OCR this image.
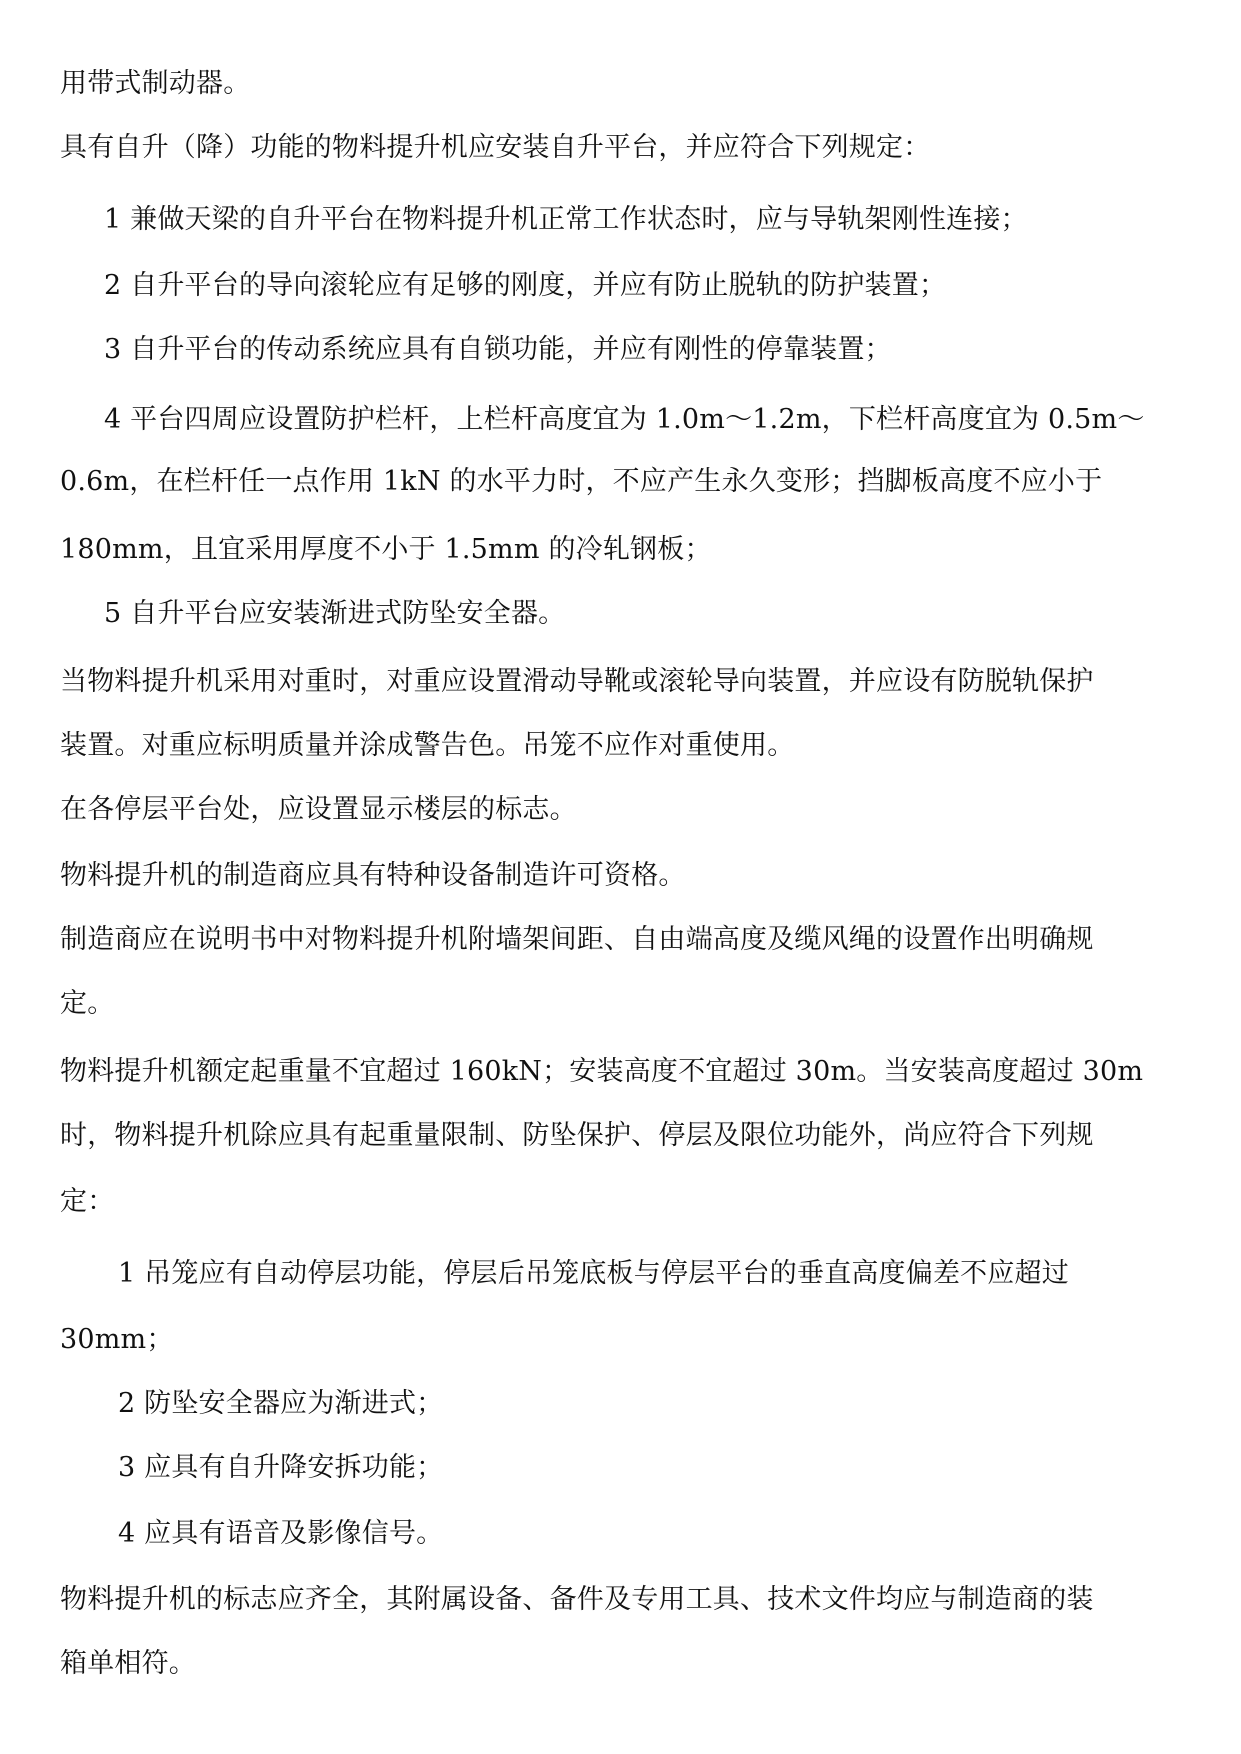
用带式制动器。
具有自升（降）功能的物料提升机应安装自升平台，并应符合下列规定：
1 兼做天梁的自升平台在物料提升机正常工作状态时，应与导轨架刚性连接；
2 自升平台的导向滚轮应有足够的刚度，并应有防止脱轨的防护装置；
3 自升平台的传动系统应具有自锁功能，并应有刚性的停靠装置；
4 平台四周应设置防护栏杆，上栏杆高度宜为 1.0m～1.2m，下栏杆高度宜为 0.5m～
0.6m，在栏杆任一点作用 1kN 的水平力时，不应产生永久变形；挡脚板高度不应小于
180mm，且宜采用厚度不小于 1.5mm 的冷轧钢板；
5 自升平台应安装渐进式防坠安全器。
当物料提升机采用对重时，对重应设置滑动导靴或滚轮导向装置，并应设有防脱轨保护
装置。对重应标明质量并涂成警告色。吊笼不应作对重使用。
在各停层平台处，应设置显示楼层的标志。
物料提升机的制造商应具有特种设备制造许可资格。
制造商应在说明书中对物料提升机附墙架间距、自由端高度及缆风绳的设置作出明确规
定。
物料提升机额定起重量不宜超过 160kN；安装高度不宜超过 30m。当安装高度超过 30m
时，物料提升机除应具有起重量限制、防坠保护、停层及限位功能外，尚应符合下列规
定：
1 吊笼应有自动停层功能，停层后吊笼底板与停层平台的垂直高度偏差不应超过
30mm；
2 防坠安全器应为渐进式；
3 应具有自升降安拆功能；
4 应具有语音及影像信号。
物料提升机的标志应齐全，其附属设备、备件及专用工具、技术文件均应与制造商的装
箱单相符。
